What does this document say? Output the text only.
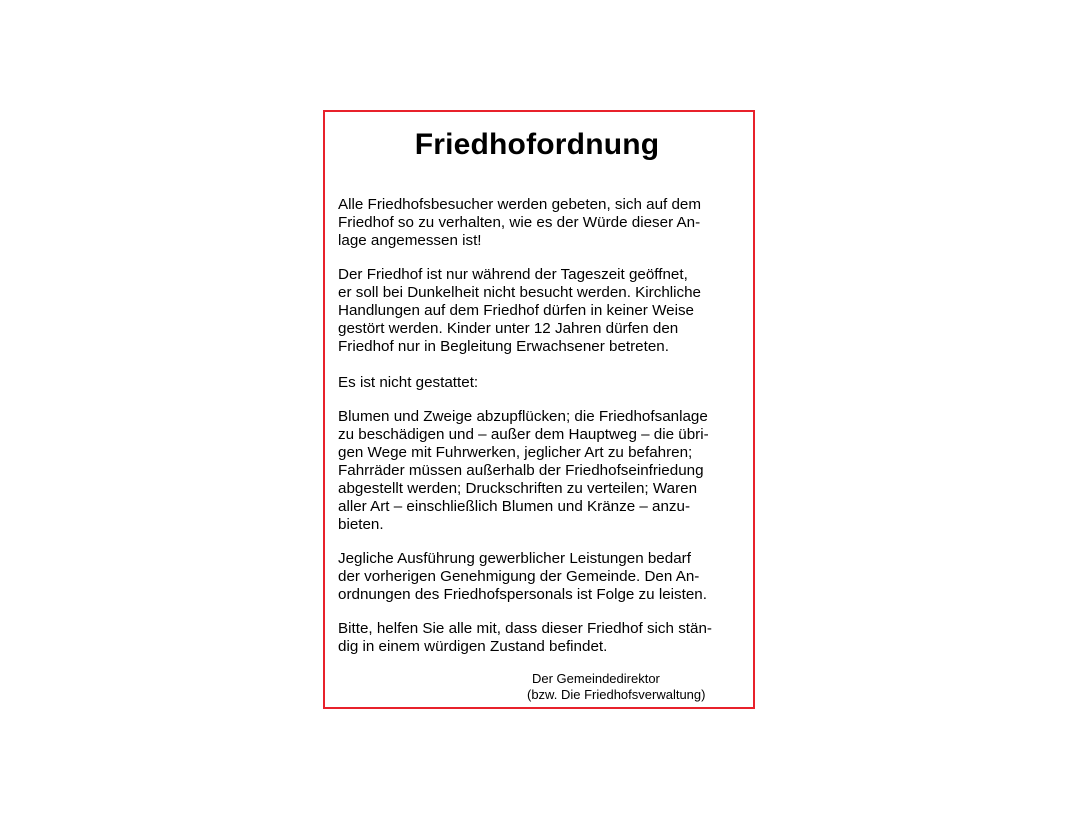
Friedhofordnung

Alle Friedhofsbesucher werden gebeten, sich auf dem

Friedhof so zu verhalten, wie es der Würde dieser An-

lage angemessen ist!

Der Friedhof ist nur während der Tageszeit geöffnet,

er soll bei Dunkelheit nicht besucht werden. Kirchliche

Handlungen auf dem Friedhof dürfen in keiner Weise

gestört werden. Kinder unter 12 Jahren dürfen den

Friedhof nur in Begleitung Erwachsener betreten.

Es ist nicht gestattet:

Blumen und Zweige abzupflücken; die Friedhofsanlage

zu beschädigen und – außer dem Hauptweg – die übri-

gen Wege mit Fuhrwerken, jeglicher Art zu befahren;

Fahrräder müssen außerhalb der Friedhofseinfriedung

abgestellt werden; Druckschriften zu verteilen; Waren

aller Art – einschließlich Blumen und Kränze – anzu-

bieten.

Jegliche Ausführung gewerblicher Leistungen bedarf

der vorherigen Genehmigung der Gemeinde. Den An-

ordnungen des Friedhofspersonals ist Folge zu leisten.

Bitte, helfen Sie alle mit, dass dieser Friedhof sich stän-

dig in einem würdigen Zustand befindet.

Der Gemeindedirektor

(bzw. Die Friedhofsverwaltung)
